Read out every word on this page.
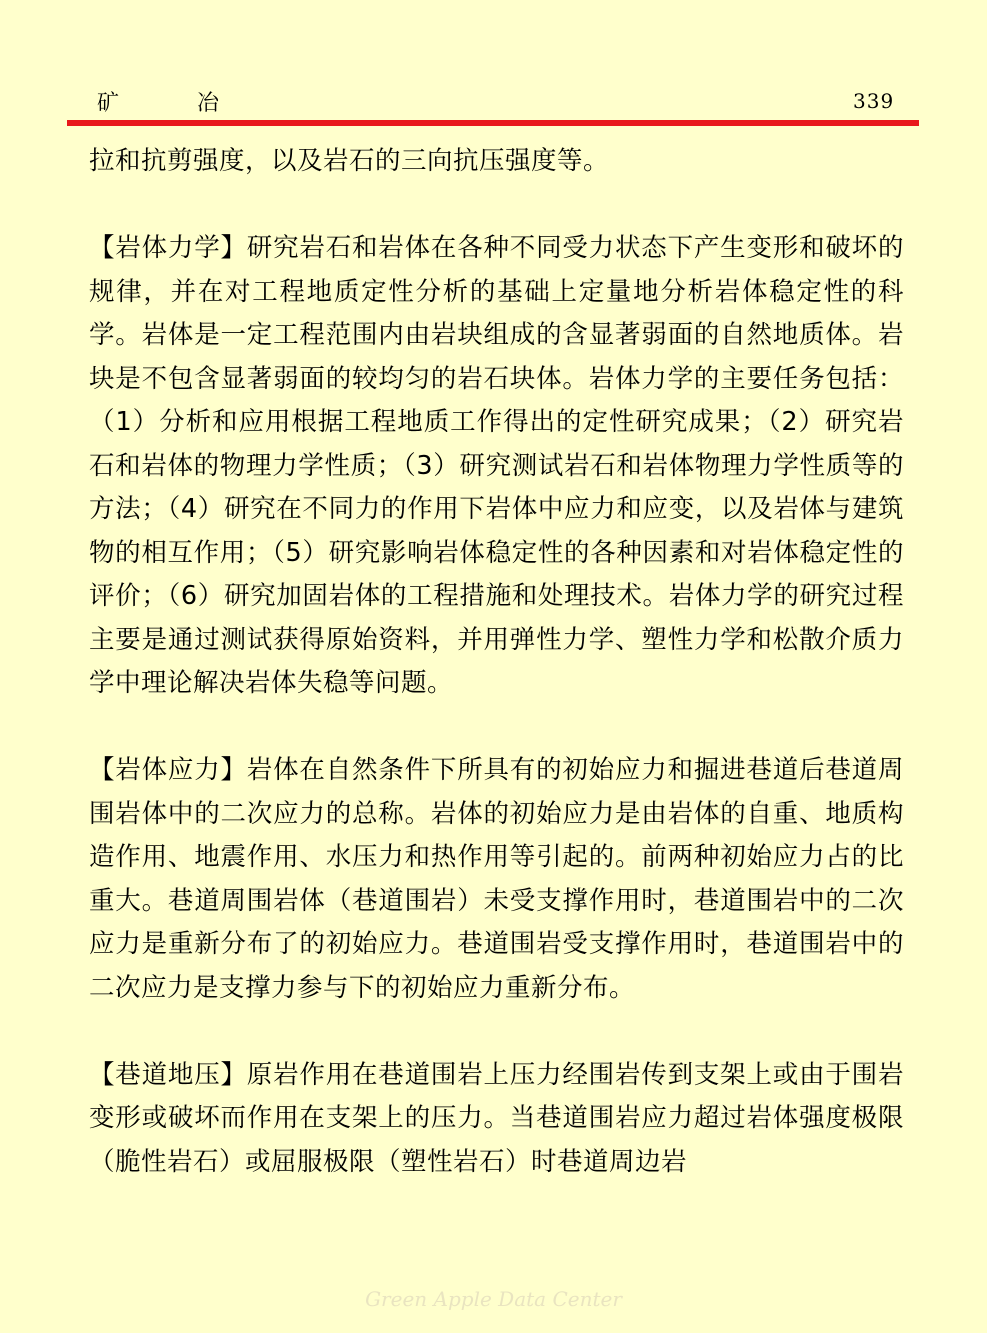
矿	冶	339

拉和抗剪强度，以及岩石的三向抗压强度等。

【岩体力学】研究岩石和岩体在各种不同受力状态下产生变形和破坏的规律，并在对工程地质定性分析的基础上定量地分析岩体稳定性的科学。岩体是一定工程范围内由岩块组成的含显著弱面的自然地质体。岩块是不包含显著弱面的较均匀的岩石块体。岩体力学的主要任务包括：（1）分析和应用根据工程地质工作得出的定性研究成果；（2）研究岩石和岩体的物理力学性质；（3）研究测试岩石和岩体物理力学性质等的方法；（4）研究在不同力的作用下岩体中应力和应变，以及岩体与建筑物的相互作用；（5）研究影响岩体稳定性的各种因素和对岩体稳定性的评价；（6）研究加固岩体的工程措施和处理技术。岩体力学的研究过程主要是通过测试获得原始资料，并用弹性力学、塑性力学和松散介质力学中理论解决岩体失稳等问题。

【岩体应力】岩体在自然条件下所具有的初始应力和掘进巷道后巷道周围岩体中的二次应力的总称。岩体的初始应力是由岩体的自重、地质构造作用、地震作用、水压力和热作用等引起的。前两种初始应力占的比重大。巷道周围岩体（巷道围岩）未受支撑作用时，巷道围岩中的二次应力是重新分布了的初始应力。巷道围岩受支撑作用时，巷道围岩中的二次应力是支撑力参与下的初始应力重新分布。

【巷道地压】原岩作用在巷道围岩上压力经围岩传到支架上或由于围岩变形或破坏而作用在支架上的压力。当巷道围岩应力超过岩体强度极限（脆性岩石）或屈服极限（塑性岩石）时巷道周边岩

Green Apple Data Center
